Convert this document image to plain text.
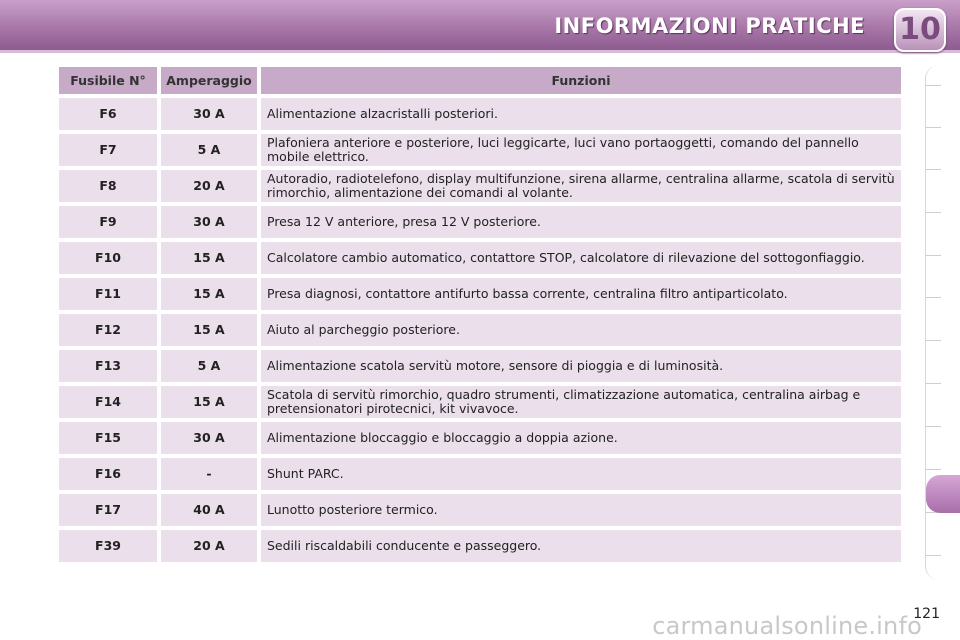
INFORMAZIONI PRATICHE 10
Fusibile N°	Amperaggio	Funzioni
F6	30 A	Alimentazione alzacristalli posteriori.
F7	5 A	Plafoniera anteriore e posteriore, luci leggicarte, luci vano portaoggetti, comando del pannello mobile elettrico.
F8	20 A	Autoradio, radiotelefono, display multifunzione, sirena allarme, centralina allarme, scatola di servitù rimorchio, alimentazione dei comandi al volante.
F9	30 A	Presa 12 V anteriore, presa 12 V posteriore.
F10	15 A	Calcolatore cambio automatico, contattore STOP, calcolatore di rilevazione del sottogonfiaggio.
F11	15 A	Presa diagnosi, contattore antifurto bassa corrente, centralina filtro antiparticolato.
F12	15 A	Aiuto al parcheggio posteriore.
F13	5 A	Alimentazione scatola servitù motore, sensore di pioggia e di luminosità.
F14	15 A	Scatola di servitù rimorchio, quadro strumenti, climatizzazione automatica, centralina airbag e pretensionatori pirotecnici, kit vivavoce.
F15	30 A	Alimentazione bloccaggio e bloccaggio a doppia azione.
F16	-	Shunt PARC.
F17	40 A	Lunotto posteriore termico.
F39	20 A	Sedili riscaldabili conducente e passeggero.
121
carmanualsonline.info
